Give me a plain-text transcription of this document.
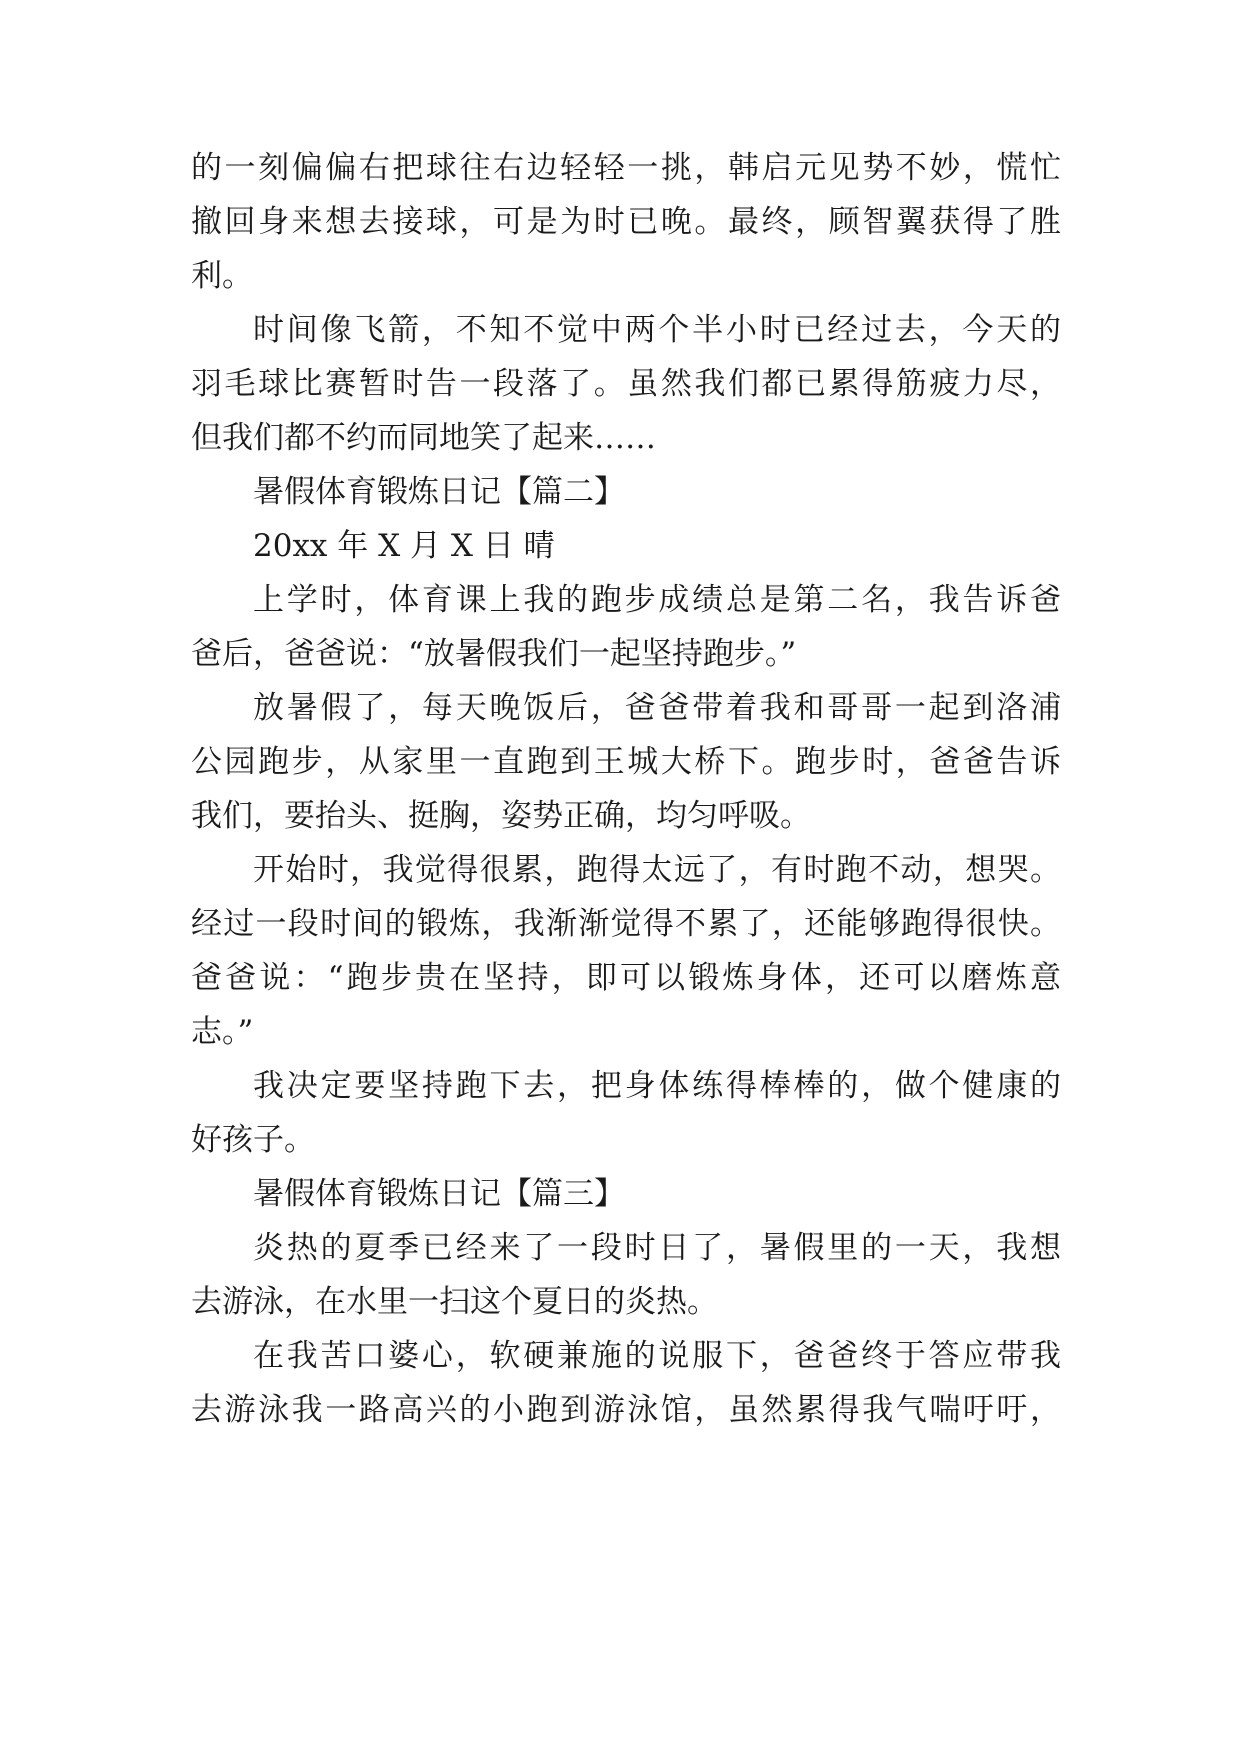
的一刻偏偏右把球往右边轻轻一挑，韩启元见势不妙，慌忙
撤回身来想去接球，可是为时已晚。最终，顾智翼获得了胜
利。
时间像飞箭，不知不觉中两个半小时已经过去，今天的
羽毛球比赛暂时告一段落了。虽然我们都已累得筋疲力尽，
但我们都不约而同地笑了起来……
暑假体育锻炼日记【篇二】
20xx 年 X 月 X 日 晴
上学时，体育课上我的跑步成绩总是第二名，我告诉爸
爸后，爸爸说：“放暑假我们一起坚持跑步。”
放暑假了，每天晚饭后，爸爸带着我和哥哥一起到洛浦
公园跑步，从家里一直跑到王城大桥下。跑步时，爸爸告诉
我们，要抬头、挺胸，姿势正确，均匀呼吸。
开始时，我觉得很累，跑得太远了，有时跑不动，想哭。
经过一段时间的锻炼，我渐渐觉得不累了，还能够跑得很快。
爸爸说：“跑步贵在坚持，即可以锻炼身体，还可以磨炼意
志。”
我决定要坚持跑下去，把身体练得棒棒的，做个健康的
好孩子。
暑假体育锻炼日记【篇三】
炎热的夏季已经来了一段时日了，暑假里的一天，我想
去游泳，在水里一扫这个夏日的炎热。
在我苦口婆心，软硬兼施的说服下，爸爸终于答应带我
去游泳我一路高兴的小跑到游泳馆，虽然累得我气喘吁吁，
